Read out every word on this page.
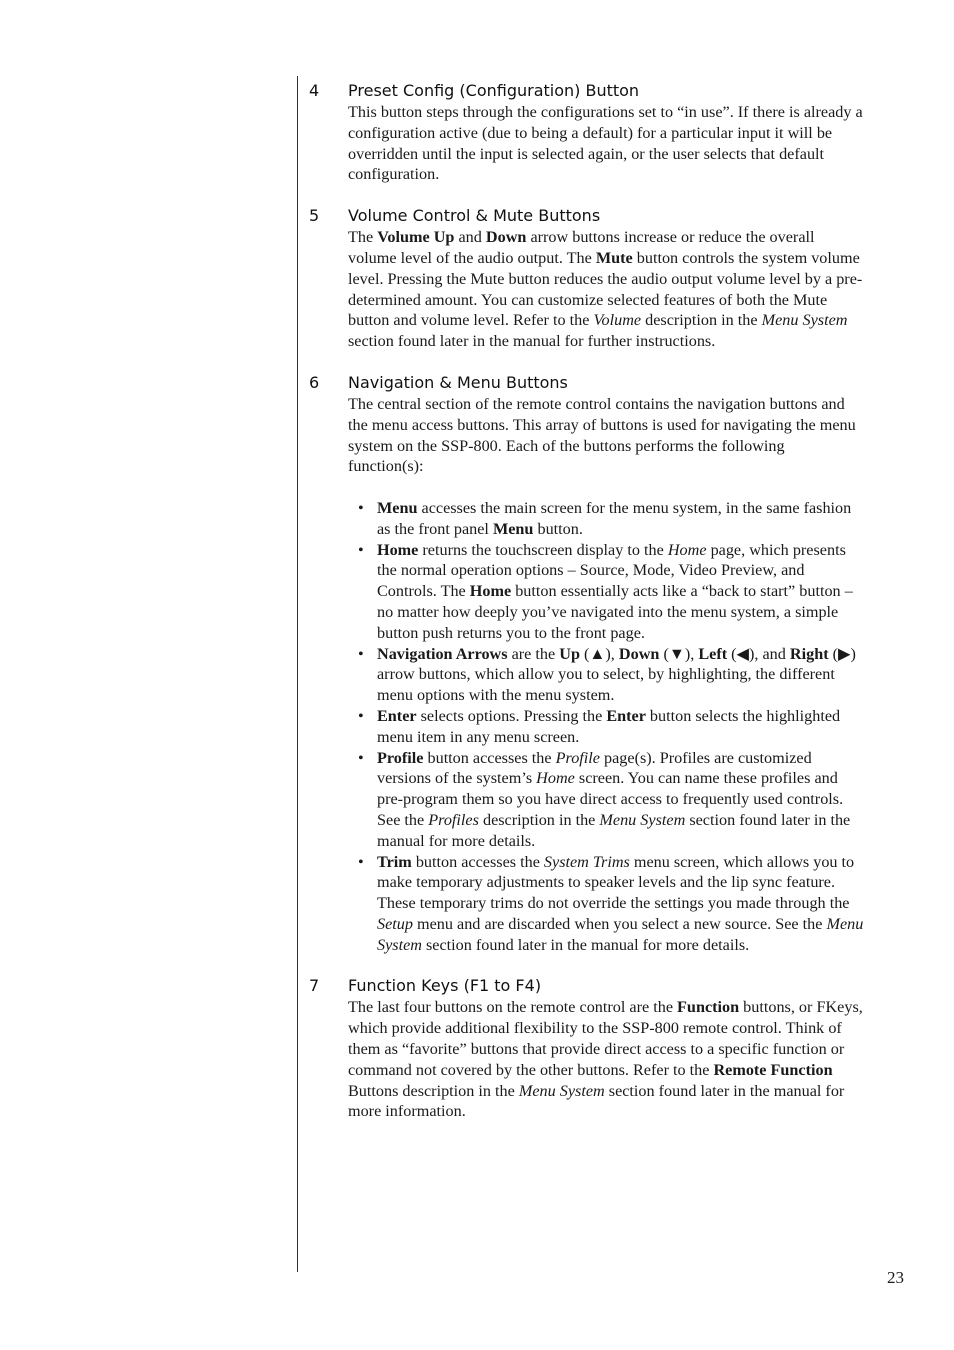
4	Preset Config (Configuration) Button

This button steps through the configurations set to “in use”. If there is already a configuration active (due to being a default) for a particular input it will be overridden until the input is selected again, or the user selects that default configuration.

5	Volume Control & Mute Buttons

The Volume Up and Down arrow buttons increase or reduce the overall volume level of the audio output. The Mute button controls the system volume level. Pressing the Mute button reduces the audio output volume level by a pre-determined amount. You can customize selected features of both the Mute button and volume level. Refer to the Volume description in the Menu System section found later in the manual for further instructions.

6	Navigation & Menu Buttons

The central section of the remote control contains the navigation buttons and the menu access buttons. This array of buttons is used for navigating the menu system on the SSP-800. Each of the buttons performs the following function(s):

• Menu accesses the main screen for the menu system, in the same fashion as the front panel Menu button.
• Home returns the touchscreen display to the Home page, which presents the normal operation options – Source, Mode, Video Preview, and Controls. The Home button essentially acts like a “back to start” button – no matter how deeply you’ve navigated into the menu system, a simple button push returns you to the front page.
• Navigation Arrows are the Up (▲), Down (▼), Left (◀), and Right (▶) arrow buttons, which allow you to select, by highlighting, the different menu options with the menu system.
• Enter selects options. Pressing the Enter button selects the highlighted menu item in any menu screen.
• Profile button accesses the Profile page(s). Profiles are customized versions of the system’s Home screen. You can name these profiles and pre-program them so you have direct access to frequently used controls. See the Profiles description in the Menu System section found later in the manual for more details.
• Trim button accesses the System Trims menu screen, which allows you to make temporary adjustments to speaker levels and the lip sync feature. These temporary trims do not override the settings you made through the Setup menu and are discarded when you select a new source. See the Menu System section found later in the manual for more details.
7	Function Keys (F1 to F4)

The last four buttons on the remote control are the Function buttons, or FKeys, which provide additional flexibility to the SSP-800 remote control. Think of them as “favorite” buttons that provide direct access to a specific function or command not covered by the other buttons. Refer to the Remote Function Buttons description in the Menu System section found later in the manual for more information.

23
